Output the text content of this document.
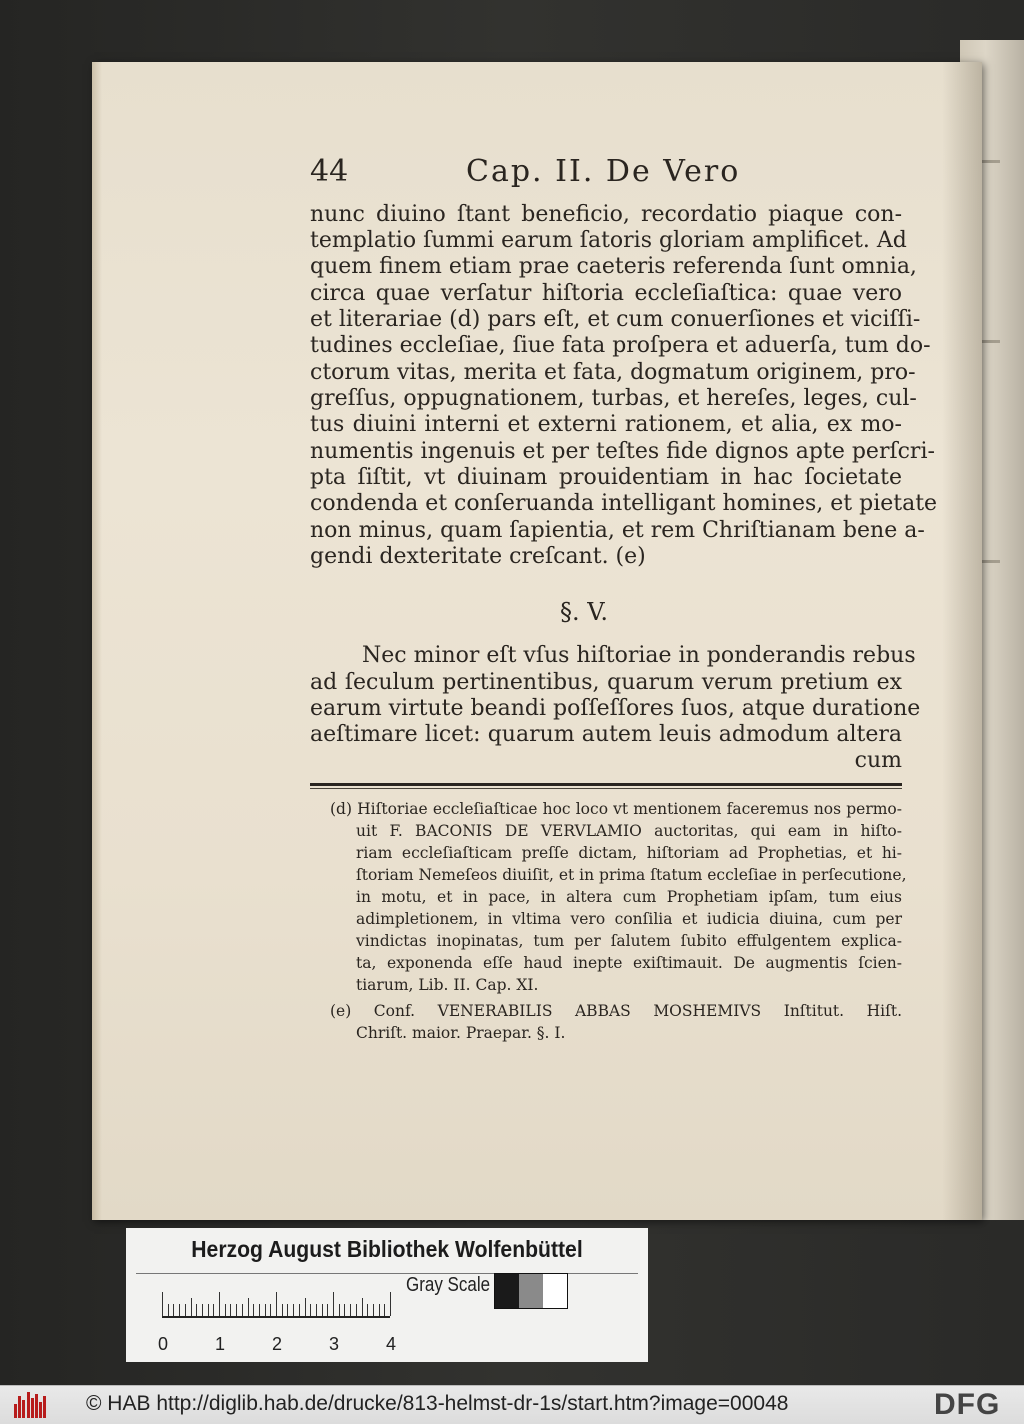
44	Cap. II. De Vero
nunc diuino ſtant beneficio, recordatio piaque con-
templatio ſummi earum ſatoris gloriam amplificet. Ad
quem finem etiam prae caeteris referenda ſunt omnia,
circa quae verſatur hiſtoria eccleſiaſtica: quae vero
et literariae (d) pars eſt, et cum conuerſiones et viciſſi-
tudines eccleſiae, ſiue fata proſpera et aduerſa, tum do-
ctorum vitas, merita et fata, dogmatum originem, pro-
greſſus, oppugnationem, turbas, et hereſes, leges, cul-
tus diuini interni et externi rationem, et alia, ex mo-
numentis ingenuis et per teſtes fide dignos apte perſcri-
pta ſiſtit, vt diuinam prouidentiam in hac ſocietate
condenda et conſeruanda intelligant homines, et pietate
non minus, quam ſapientia, et rem Chriſtianam bene a-
gendi dexteritate creſcant. (e)
§. V.
Nec minor eſt vſus hiſtoriae in ponderandis rebus
ad ſeculum pertinentibus, quarum verum pretium ex
earum virtute beandi poſſeſſores ſuos, atque duratione
aeſtimare licet: quarum autem leuis admodum altera
cum
(d) Hiſtoriae eccleſiaſticae hoc loco vt mentionem faceremus nos permo-
uit F. BACONIS DE VERVLAMIO auctoritas, qui eam in hiſto-
riam eccleſiaſticam preſſe dictam, hiſtoriam ad Prophetias, et hi-
ſtoriam Nemeſeos diuiſit, et in prima ſtatum eccleſiae in perſecutione,
in motu, et in pace, in altera cum Prophetiam ipſam, tum eius
adimpletionem, in vltima vero conſilia et iudicia diuina, cum per
vindictas inopinatas, tum per ſalutem ſubito effulgentem explica-
ta, exponenda eſſe haud inepte exiſtimauit. De augmentis ſcien-
tiarum, Lib. II. Cap. XI.
(e) Conf. VENERABILIS ABBAS MOSHEMIVS Inſtitut. Hiſt.
Chriſt. maior. Praepar. §. I.
Herzog August Bibliothek Wolfenbüttel
0	1	2	3	4
Gray Scale
© HAB http://diglib.hab.de/drucke/813-helmst-dr-1s/start.htm?image=00048	DFG
